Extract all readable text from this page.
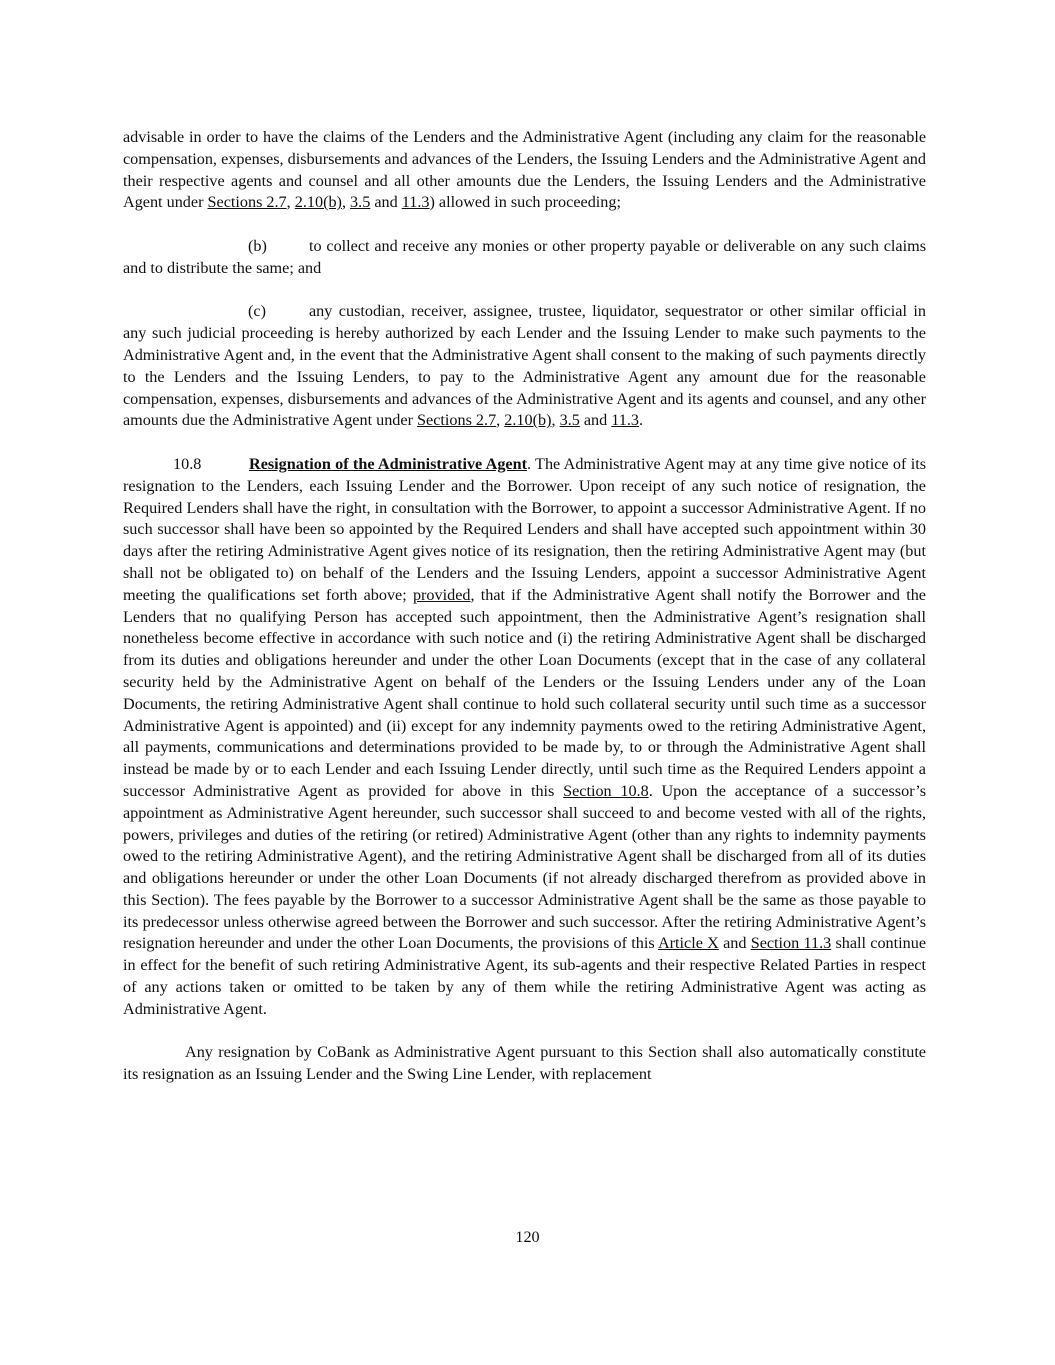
advisable in order to have the claims of the Lenders and the Administrative Agent (including any claim for the reasonable compensation, expenses, disbursements and advances of the Lenders, the Issuing Lenders and the Administrative Agent and their respective agents and counsel and all other amounts due the Lenders, the Issuing Lenders and the Administrative Agent under Sections 2.7, 2.10(b), 3.5 and 11.3) allowed in such proceeding;

(b)	to collect and receive any monies or other property payable or deliverable on any such claims and to distribute the same; and

(c)	any custodian, receiver, assignee, trustee, liquidator, sequestrator or other similar official in any such judicial proceeding is hereby authorized by each Lender and the Issuing Lender to make such payments to the Administrative Agent and, in the event that the Administrative Agent shall consent to the making of such payments directly to the Lenders and the Issuing Lenders, to pay to the Administrative Agent any amount due for the reasonable compensation, expenses, disbursements and advances of the Administrative Agent and its agents and counsel, and any other amounts due the Administrative Agent under Sections 2.7, 2.10(b), 3.5 and 11.3.

10.8	Resignation of the Administrative Agent. The Administrative Agent may at any time give notice of its resignation to the Lenders, each Issuing Lender and the Borrower. Upon receipt of any such notice of resignation, the Required Lenders shall have the right, in consultation with the Borrower, to appoint a successor Administrative Agent. If no such successor shall have been so appointed by the Required Lenders and shall have accepted such appointment within 30 days after the retiring Administrative Agent gives notice of its resignation, then the retiring Administrative Agent may (but shall not be obligated to) on behalf of the Lenders and the Issuing Lenders, appoint a successor Administrative Agent meeting the qualifications set forth above; provided, that if the Administrative Agent shall notify the Borrower and the Lenders that no qualifying Person has accepted such appointment, then the Administrative Agent’s resignation shall nonetheless become effective in accordance with such notice and (i) the retiring Administrative Agent shall be discharged from its duties and obligations hereunder and under the other Loan Documents (except that in the case of any collateral security held by the Administrative Agent on behalf of the Lenders or the Issuing Lenders under any of the Loan Documents, the retiring Administrative Agent shall continue to hold such collateral security until such time as a successor Administrative Agent is appointed) and (ii) except for any indemnity payments owed to the retiring Administrative Agent, all payments, communications and determinations provided to be made by, to or through the Administrative Agent shall instead be made by or to each Lender and each Issuing Lender directly, until such time as the Required Lenders appoint a successor Administrative Agent as provided for above in this Section 10.8. Upon the acceptance of a successor’s appointment as Administrative Agent hereunder, such successor shall succeed to and become vested with all of the rights, powers, privileges and duties of the retiring (or retired) Administrative Agent (other than any rights to indemnity payments owed to the retiring Administrative Agent), and the retiring Administrative Agent shall be discharged from all of its duties and obligations hereunder or under the other Loan Documents (if not already discharged therefrom as provided above in this Section). The fees payable by the Borrower to a successor Administrative Agent shall be the same as those payable to its predecessor unless otherwise agreed between the Borrower and such successor. After the retiring Administrative Agent’s resignation hereunder and under the other Loan Documents, the provisions of this Article X and Section 11.3 shall continue in effect for the benefit of such retiring Administrative Agent, its sub-agents and their respective Related Parties in respect of any actions taken or omitted to be taken by any of them while the retiring Administrative Agent was acting as Administrative Agent.

Any resignation by CoBank as Administrative Agent pursuant to this Section shall also automatically constitute its resignation as an Issuing Lender and the Swing Line Lender, with replacement

120
